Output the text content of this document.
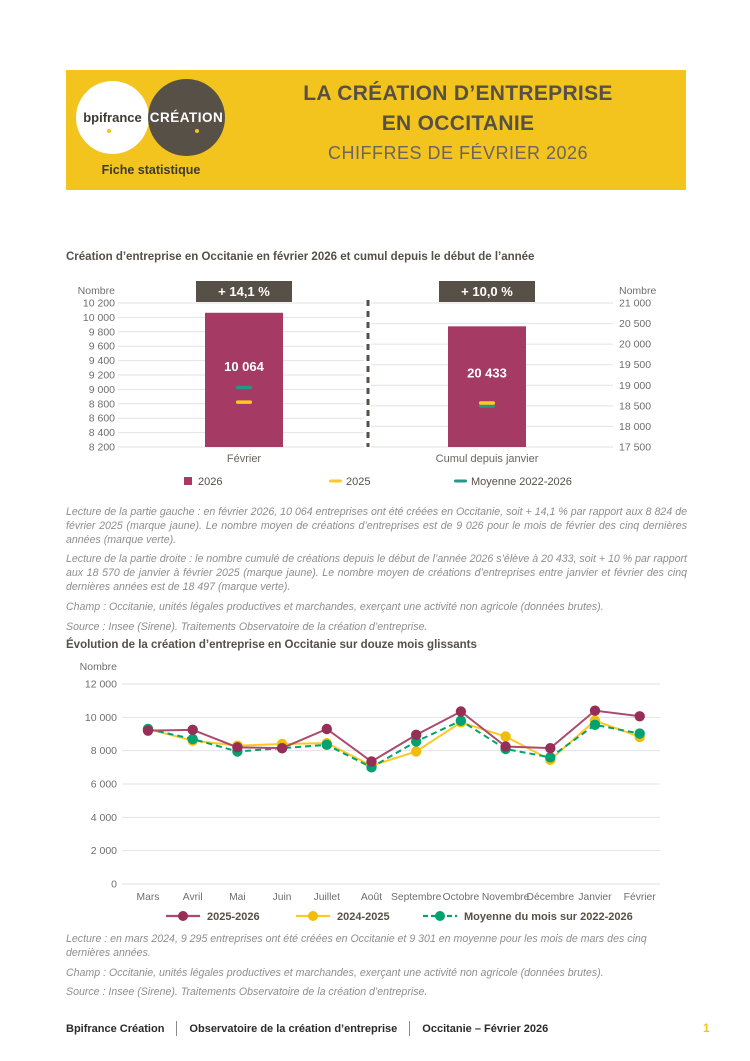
bpifrance CRÉATION
Fiche statistique
LA CRÉATION D’ENTREPRISE
EN OCCITANIE
CHIFFRES DE FÉVRIER 2026
Création d’entreprise en Occitanie en février 2026 et cumul depuis le début de l’année
10 200
10 000
9 800
9 600
9 400
9 200
9 000
8 800
8 600
8 400
8 200
Nombre	+ 14,1 %
10 064
Février
21 000
20 500
20 000
19 500
19 000
18 500
18 000
17 500
Nombre
+ 10,0 %
20 433
Cumul depuis janvier
2026	2025	Moyenne 2022-2026

Lecture de la partie gauche : en février 2026, 10 064 entreprises ont été créées en Occitanie, soit + 14,1 % par rapport aux 8 824 de février 2025 (marque jaune). Le nombre moyen de créations d’entreprises est de 9 026 pour le mois de février des cinq dernières années (marque verte).

Lecture de la partie droite : le nombre cumulé de créations depuis le début de l’année 2026 s’élève à 20 433, soit + 10 % par rapport aux 18 570 de janvier à février 2025 (marque jaune). Le nombre moyen de créations d’entreprises entre janvier et février des cinq dernières années est de 18 497 (marque verte).

Champ : Occitanie, unités légales productives et marchandes, exerçant une activité non agricole (données brutes).

Source : Insee (Sirene). Traitements Observatoire de la création d’entreprise.

Évolution de la création d’entreprise en Occitanie sur douze mois glissants
12 000
10 000
8 000
6 000
4 000
2 000
0
Nombre
Mars Avril	Mai	Juin Juillet Août Septembre Octobre Novembre
Décembre Janvier Février
2025-2026	2024-2025	Moyenne du mois sur 2022-2026

Lecture : en mars 2024, 9 295 entreprises ont été créées en Occitanie et 9 301 en moyenne pour les mois de mars des cinq dernières années.

Champ : Occitanie, unités légales productives et marchandes, exerçant une activité non agricole (données brutes).

Source : Insee (Sirene). Traitements Observatoire de la création d’entreprise.

Bpifrance Création Observatoire de la création d’entreprise Occitanie – Février 2026	1
